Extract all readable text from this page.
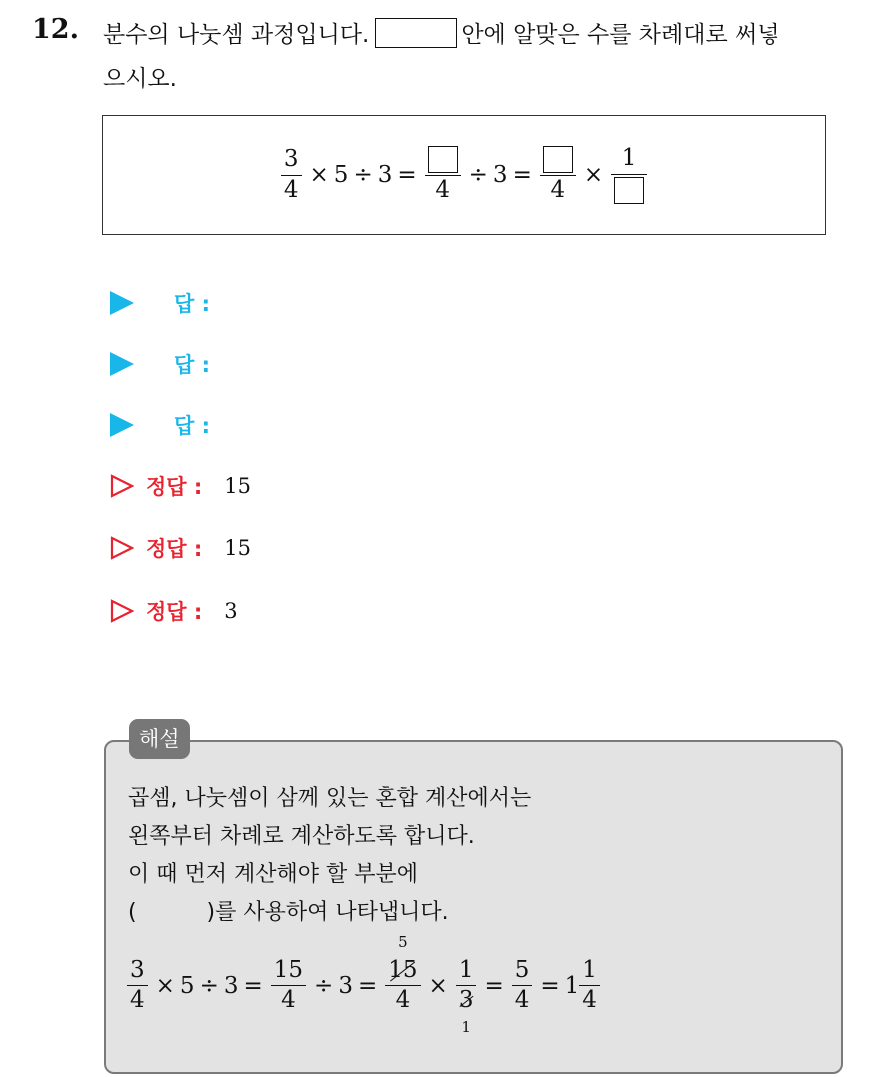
12. 분수의 나눗셈 과정입니다.	안에 알맞은 수를 차례대로 써넣
으시오.
$\frac{3}{4} \times 5 \div 3$ =
4
÷ 3 =
4
×
1
답 :
답 :
답 :
정답 : 15
정답 : 15
정답 : 3
해설
곱셈, 나눗셈이 삼께 있는 혼합 계산에서는
왼쪽부터 차례로 계산하도록 합니다.
이 때 먼저 계산해야 할 부분에
(          )를 사용하여 나타냅니다.
$\frac{3}{4} \times 5 \div 3 = \frac{15}{4} \div 3 = 5$
15
4 × 1
3
$1 = \frac{5}{4} = 1 \frac{1}{4}$
